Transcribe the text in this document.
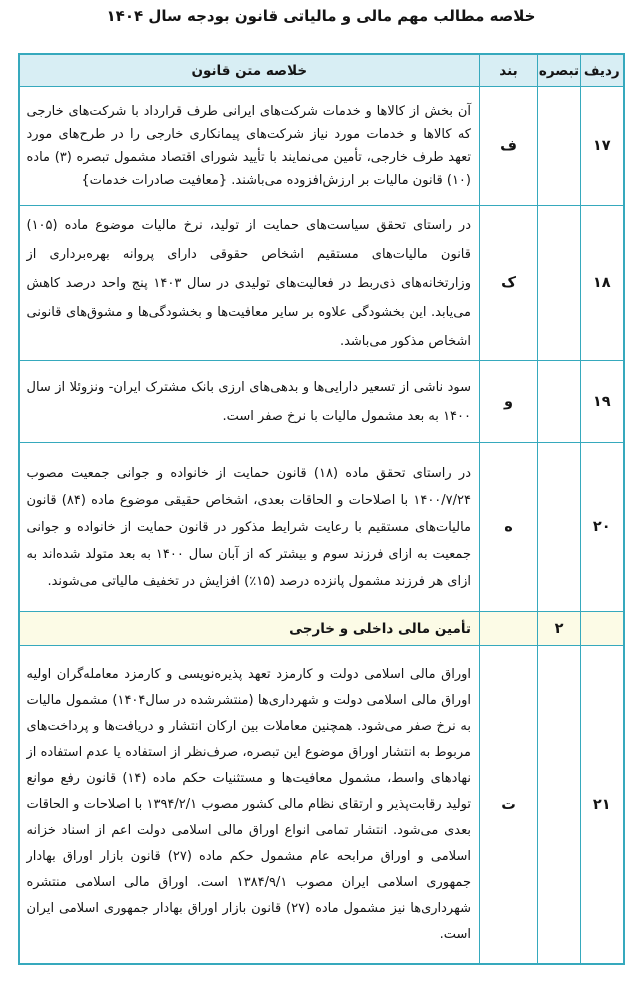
خلاصه مطالب مهم مالی و مالیاتی قانون بودجه سال ۱۴۰۴
ردیف	تبصره	بند	خلاصه متن قانون
۱۷		ف	آن بخش از کالاها و خدمات شرکت‌های ایرانی طرف قرارداد با شرکت‌های خارجی که کالاها و خدمات مورد نیاز شرکت‌های پیمانکاری خارجی را در طرح‌های مورد تعهد طرف خارجی، تأمین می‌نمایند با تأیید شورای اقتصاد مشمول تبصره (۳) ماده (۱۰) قانون مالیات بر ارزش‌افزوده می‌باشند. {معافیت صادرات خدمات}

۱۸		ک	در راستای تحقق سیاست‌های حمایت از تولید، نرخ مالیات موضوع ماده (۱۰۵) قانون مالیات‌های مستقیم اشخاص حقوقی دارای پروانه بهره‌برداری از وزارتخانه‌های ذی‌ربط در فعالیت‌های تولیدی در سال ۱۴۰۳ پنج واحد درصد کاهش می‌یابد. این بخشودگی علاوه بر سایر معافیت‌ها و بخشودگی‌ها و مشوق‌های قانونی اشخاص مذکور می‌باشد.

۱۹		و	سود ناشی از تسعیر دارایی‌ها و بدهی‌های ارزی بانک مشترک ایران- ونزوئلا از سال ۱۴۰۰ به بعد مشمول مالیات با نرخ صفر است.

۲۰		ه	در راستای تحقق ماده (۱۸) قانون حمایت از خانواده و جوانی جمعیت مصوب ۱۴۰۰/۷/۲۴ با اصلاحات و الحاقات بعدی، اشخاص حقیقی موضوع ماده (۸۴) قانون مالیات‌های مستقیم با رعایت شرایط مذکور در قانون حمایت از خانواده و جوانی جمعیت به ازای فرزند سوم و بیشتر که از آبان سال ۱۴۰۰ به بعد متولد شده‌اند به ازای هر فرزند مشمول پانزده درصد (۱۵٪) افزایش در تخفیف مالیاتی می‌شوند.

	۲		تأمین مالی داخلی و خارجی
۲۱		ت	اوراق مالی اسلامی دولت و کارمزد تعهد پذیره‌نویسی و کارمزد معامله‌گران اولیه اوراق مالی اسلامی دولت و شهرداری‌ها (منتشرشده در سال۱۴۰۴) مشمول مالیات به نرخ صفر می‌شود. همچنین معاملات بین ارکان انتشار و دریافت‌ها و پرداخت‌های مربوط به انتشار اوراق موضوع این تبصره، صرف‌نظر از استفاده یا عدم استفاده از نهادهای واسط، مشمول معافیت‌ها و مستثنیات حکم ماده (۱۴) قانون رفع موانع تولید رقابت‌پذیر و ارتقای نظام مالی کشور مصوب ۱۳۹۴/۲/۱ با اصلاحات و الحاقات بعدی می‌شود. انتشار تمامی انواع اوراق مالی اسلامی دولت اعم از اسناد خزانه اسلامی و اوراق مرابحه عام مشمول حکم ماده (۲۷) قانون بازار اوراق بهادار جمهوری اسلامی ایران مصوب ۱۳۸۴/۹/۱ است. اوراق مالی اسلامی منتشره شهرداری‌ها نیز مشمول ماده (۲۷) قانون بازار اوراق بهادار جمهوری اسلامی ایران است.
